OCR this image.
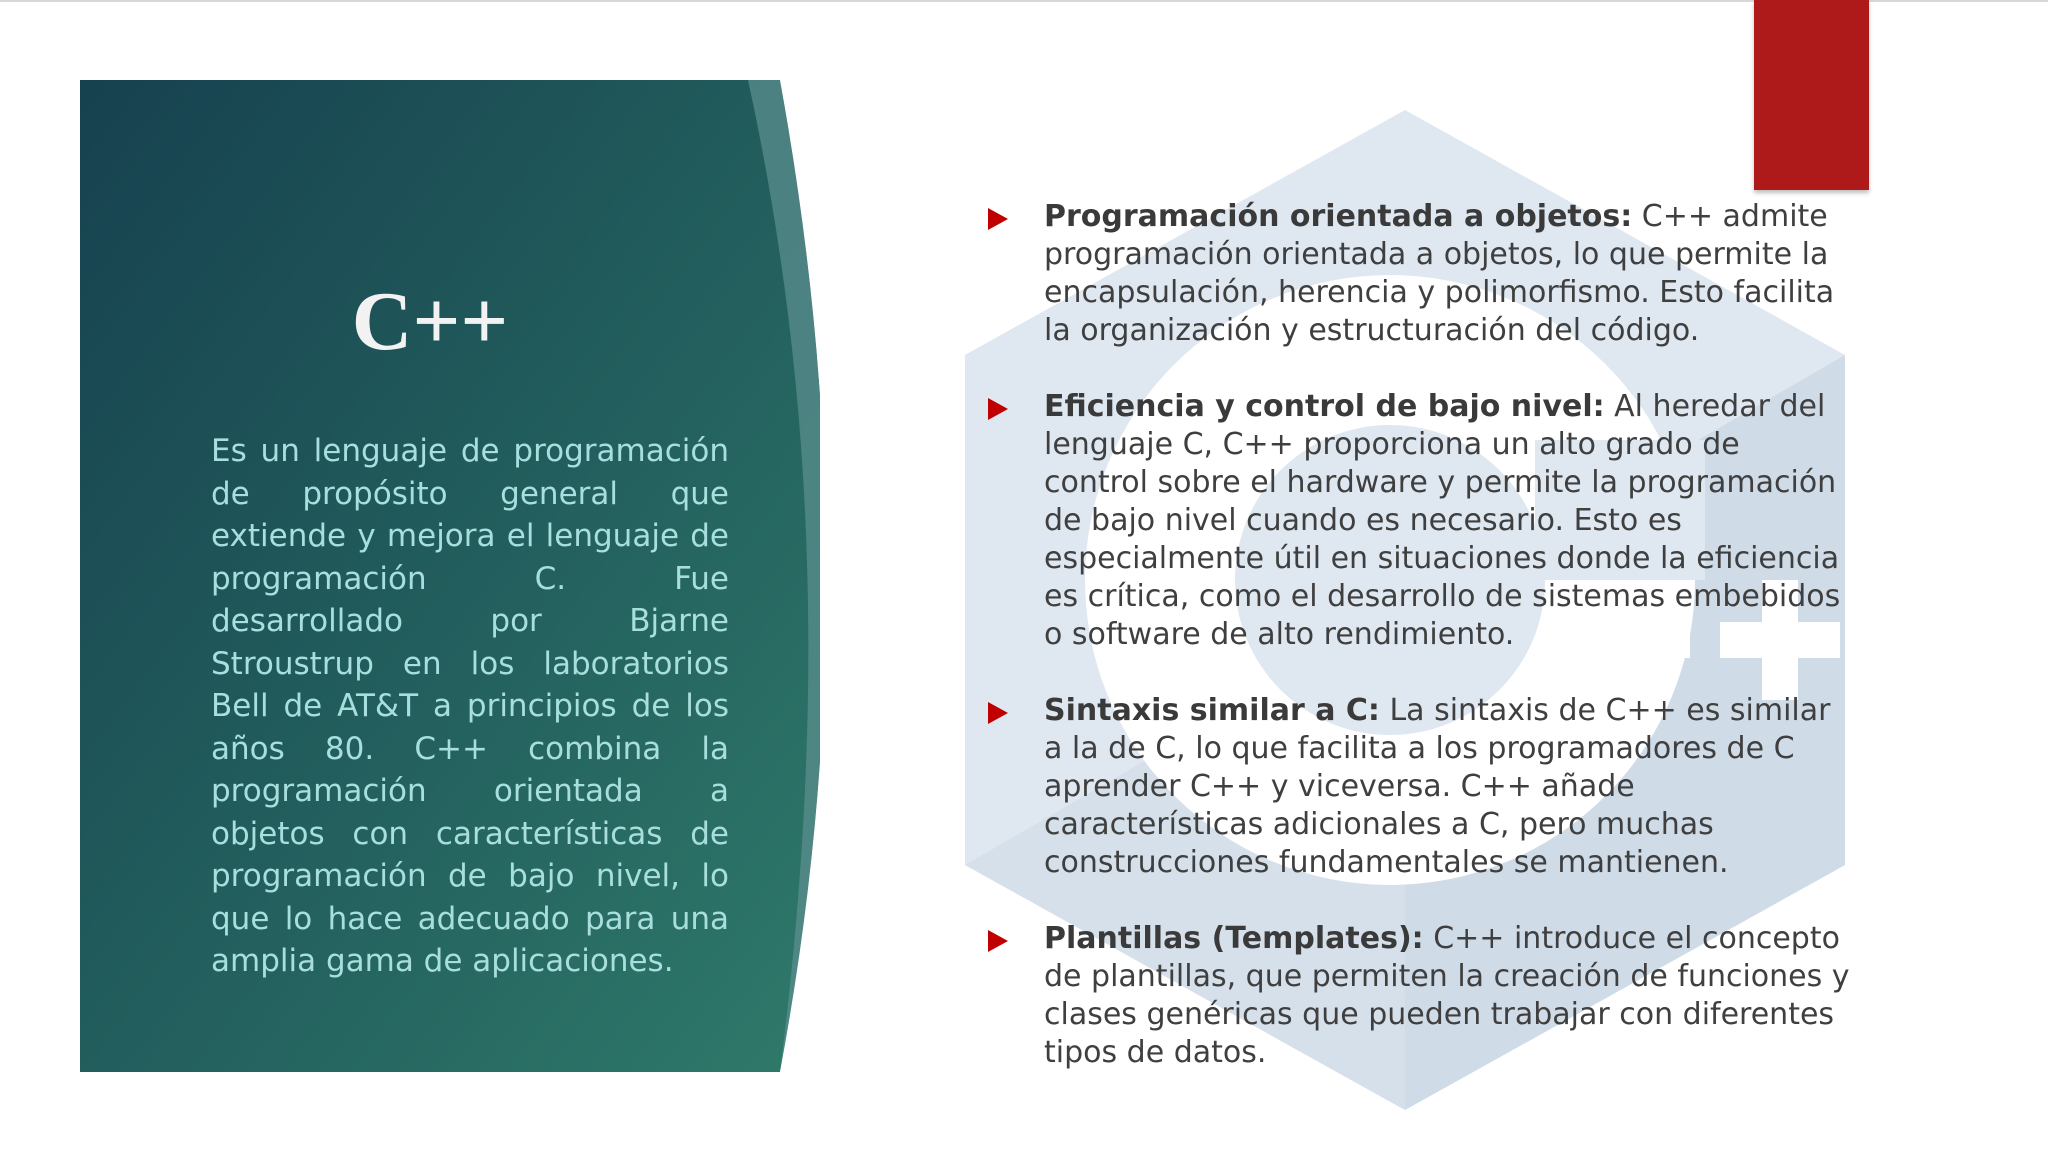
C++

Es un lenguaje de programación de propósito general que extiende y mejora el lenguaje de programación C. Fue desarrollado por Bjarne Stroustrup en los laboratorios Bell de AT&T a principios de los años 80. C++ combina la programación orientada a objetos con características de programación de bajo nivel, lo que lo hace adecuado para una amplia gama de aplicaciones.

Programación orientada a objetos: C++ admite programación orientada a objetos, lo que permite la encapsulación, herencia y polimorfismo. Esto facilita la organización y estructuración del código.
Eficiencia y control de bajo nivel: Al heredar del lenguaje C, C++ proporciona un alto grado de control sobre el hardware y permite la programación de bajo nivel cuando es necesario. Esto es especialmente útil en situaciones donde la eficiencia es crítica, como el desarrollo de sistemas embebidos o software de alto rendimiento.
Sintaxis similar a C: La sintaxis de C++ es similar a la de C, lo que facilita a los programadores de C aprender C++ y viceversa. C++ añade características adicionales a C, pero muchas construcciones fundamentales se mantienen.
Plantillas (Templates): C++ introduce el concepto de plantillas, que permiten la creación de funciones y clases genéricas que pueden trabajar con diferentes tipos de datos.
